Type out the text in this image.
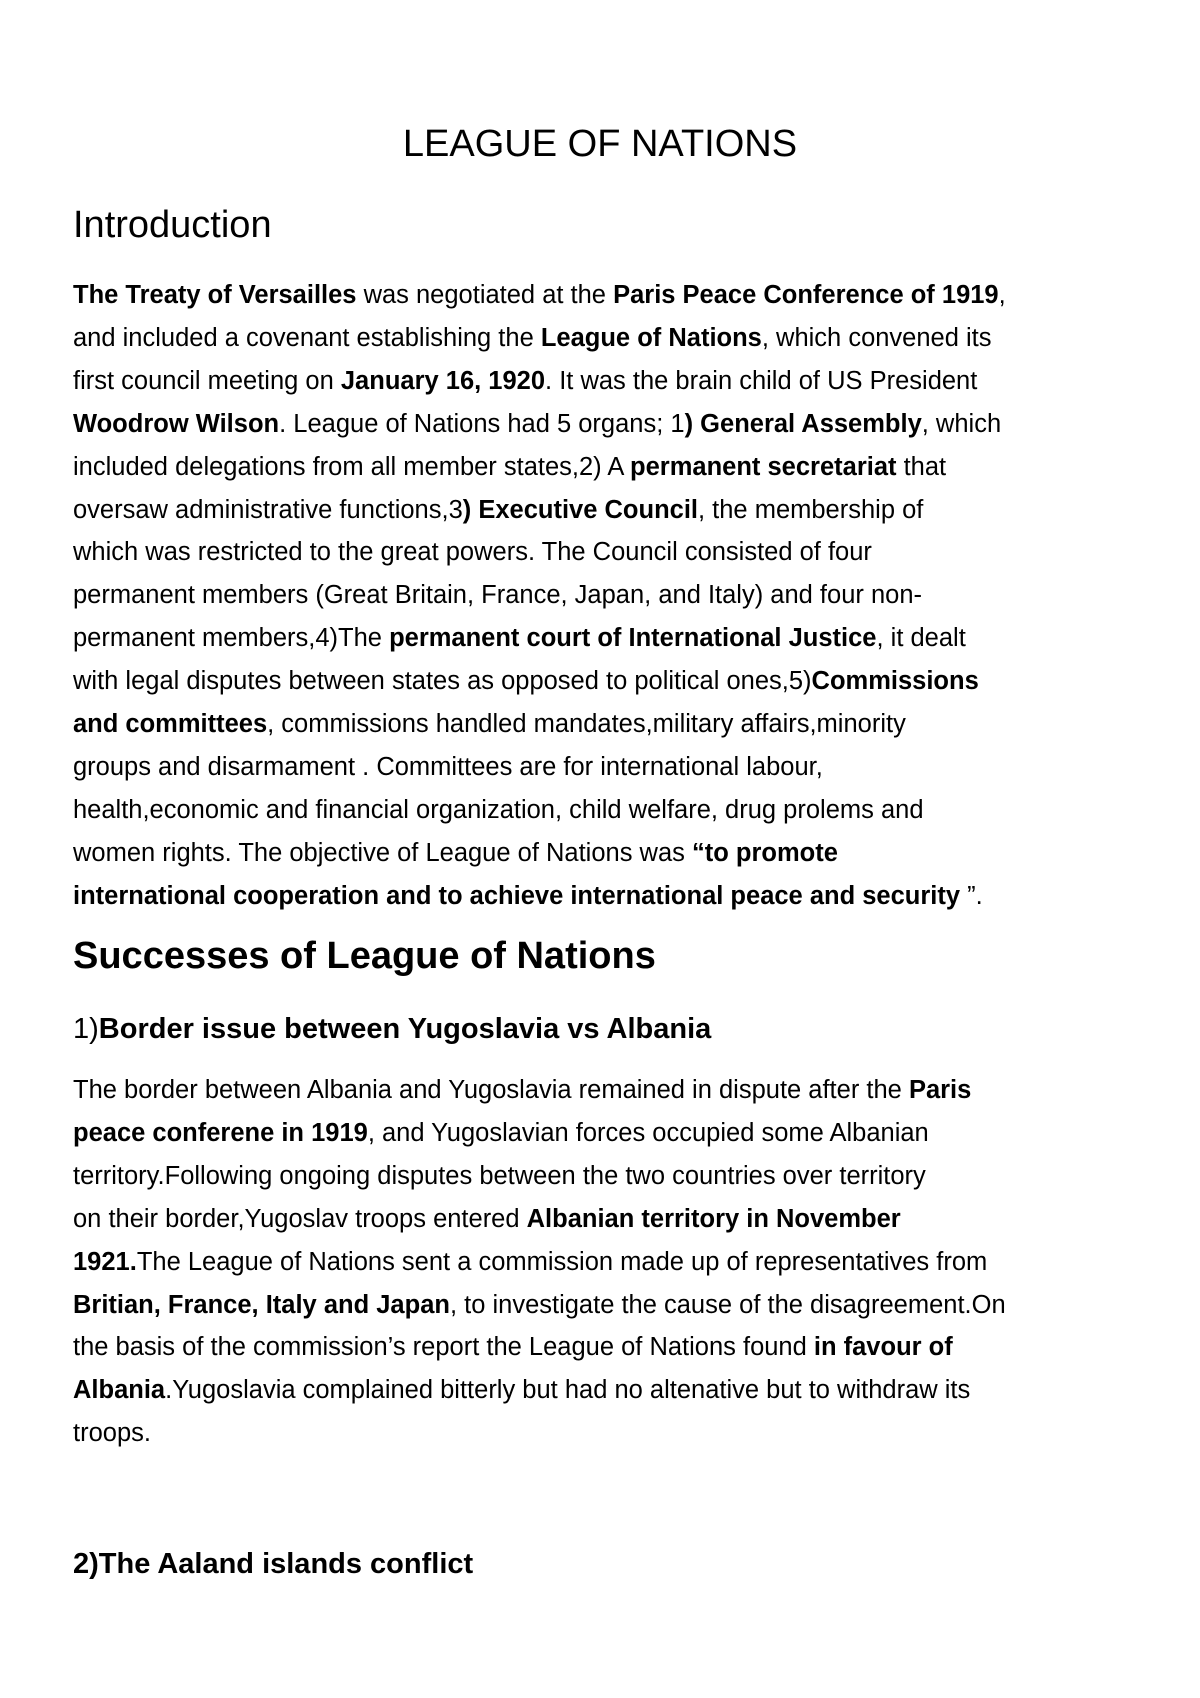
LEAGUE OF NATIONS
Introduction

The Treaty of Versailles was negotiated at the Paris Peace Conference of 1919,
and included a covenant establishing the League of Nations, which convened its
first council meeting on January 16, 1920. It was the brain child of US President
Woodrow Wilson. League of Nations had 5 organs; 1) General Assembly, which
included delegations from all member states,2) A permanent secretariat that
oversaw administrative functions,3) Executive Council, the membership of
which was restricted to the great powers. The Council consisted of four
permanent members (Great Britain, France, Japan, and Italy) and four non-
permanent members,4)The permanent court of International Justice, it dealt
with legal disputes between states as opposed to political ones,5)Commissions
and committees, commissions handled mandates,military affairs,minority
groups and disarmament . Committees are for international labour,
health,economic and financial organization, child welfare, drug prolems and
women rights. The objective of League of Nations was “to promote
international cooperation and to achieve international peace and security ”.

Successes of League of Nations
1)Border issue between Yugoslavia vs Albania

The border between Albania and Yugoslavia remained in dispute after the Paris
peace conferene in 1919, and Yugoslavian forces occupied some Albanian
territory.Following ongoing disputes between the two countries over territory
on their border,Yugoslav troops entered Albanian territory in November
1921.The League of Nations sent a commission made up of representatives from
Britian, France, Italy and Japan, to investigate the cause of the disagreement.On
the basis of the commission’s report the League of Nations found in favour of
Albania.Yugoslavia complained bitterly but had no altenative but to withdraw its
troops.

2)The Aaland islands conflict
